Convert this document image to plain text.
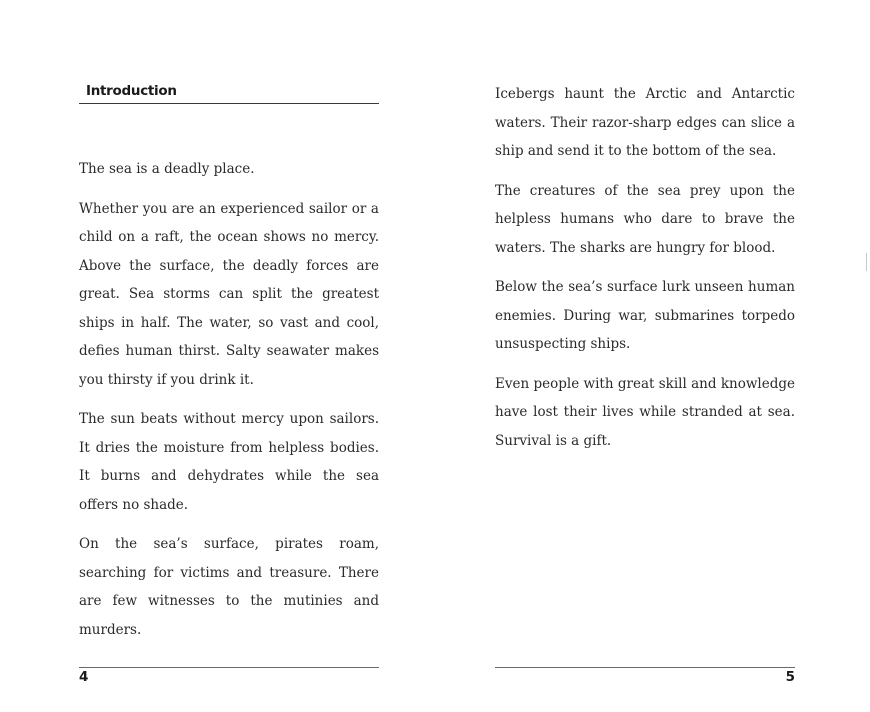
Introduction

The sea is a deadly place.

Whether you are an experienced sailor or a child on a raft, the ocean shows no mercy. Above the surface, the deadly forces are great. Sea storms can split the greatest ships in half. The water, so vast and cool, defies human thirst. Salty seawater makes you thirsty if you drink it.

The sun beats without mercy upon sailors. It dries the moisture from helpless bodies. It burns and dehydrates while the sea offers no shade.

On the sea’s surface, pirates roam, searching for victims and treasure. There are few witnesses to the mutinies and murders.

4

Icebergs haunt the Arctic and Antarctic waters. Their razor-sharp edges can slice a ship and send it to the bottom of the sea.

The creatures of the sea prey upon the helpless humans who dare to brave the waters. The sharks are hungry for blood.

Below the sea’s surface lurk unseen human enemies. During war, submarines torpedo unsuspecting ships.

Even people with great skill and knowledge have lost their lives while stranded at sea. Survival is a gift.

5
